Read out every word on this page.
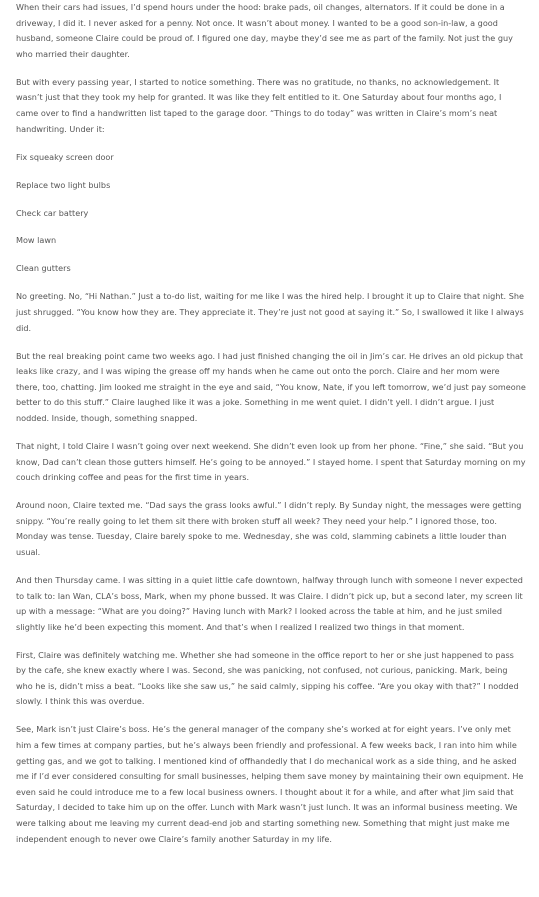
When their cars had issues, I’d spend hours under the hood: brake pads, oil changes, alternators. If it could be done in a driveway, I did it. I never asked for a penny. Not once. It wasn’t about money. I wanted to be a good son-in-law, a good husband, someone Claire could be proud of. I figured one day, maybe they’d see me as part of the family. Not just the guy who married their daughter.

But with every passing year, I started to notice something. There was no gratitude, no thanks, no acknowledgement. It wasn’t just that they took my help for granted. It was like they felt entitled to it. One Saturday about four months ago, I came over to find a handwritten list taped to the garage door. “Things to do today” was written in Claire’s mom’s neat handwriting. Under it:

Fix squeaky screen door

Replace two light bulbs

Check car battery

Mow lawn

Clean gutters

No greeting. No, “Hi Nathan.” Just a to-do list, waiting for me like I was the hired help. I brought it up to Claire that night. She just shrugged. “You know how they are. They appreciate it. They’re just not good at saying it.” So, I swallowed it like I always did.

But the real breaking point came two weeks ago. I had just finished changing the oil in Jim’s car. He drives an old pickup that leaks like crazy, and I was wiping the grease off my hands when he came out onto the porch. Claire and her mom were there, too, chatting. Jim looked me straight in the eye and said, “You know, Nate, if you left tomorrow, we’d just pay someone better to do this stuff.” Claire laughed like it was a joke. Something in me went quiet. I didn’t yell. I didn’t argue. I just nodded. Inside, though, something snapped.

That night, I told Claire I wasn’t going over next weekend. She didn’t even look up from her phone. “Fine,” she said. “But you know, Dad can’t clean those gutters himself. He’s going to be annoyed.” I stayed home. I spent that Saturday morning on my couch drinking coffee and peas for the first time in years.

Around noon, Claire texted me. “Dad says the grass looks awful.” I didn’t reply. By Sunday night, the messages were getting snippy. “You’re really going to let them sit there with broken stuff all week? They need your help.” I ignored those, too. Monday was tense. Tuesday, Claire barely spoke to me. Wednesday, she was cold, slamming cabinets a little louder than usual.

And then Thursday came. I was sitting in a quiet little cafe downtown, halfway through lunch with someone I never expected to talk to: Ian Wan, CLA’s boss, Mark, when my phone bussed. It was Claire. I didn’t pick up, but a second later, my screen lit up with a message: “What are you doing?” Having lunch with Mark? I looked across the table at him, and he just smiled slightly like he’d been expecting this moment. And that’s when I realized I realized two things in that moment.

First, Claire was definitely watching me. Whether she had someone in the office report to her or she just happened to pass by the cafe, she knew exactly where I was. Second, she was panicking, not confused, not curious, panicking. Mark, being who he is, didn’t miss a beat. “Looks like she saw us,” he said calmly, sipping his coffee. “Are you okay with that?” I nodded slowly. I think this was overdue.

See, Mark isn’t just Claire’s boss. He’s the general manager of the company she’s worked at for eight years. I’ve only met him a few times at company parties, but he’s always been friendly and professional. A few weeks back, I ran into him while getting gas, and we got to talking. I mentioned kind of offhandedly that I do mechanical work as a side thing, and he asked me if I’d ever considered consulting for small businesses, helping them save money by maintaining their own equipment. He even said he could introduce me to a few local business owners. I thought about it for a while, and after what Jim said that Saturday, I decided to take him up on the offer. Lunch with Mark wasn’t just lunch. It was an informal business meeting. We were talking about me leaving my current dead-end job and starting something new. Something that might just make me independent enough to never owe Claire’s family another Saturday in my life.
